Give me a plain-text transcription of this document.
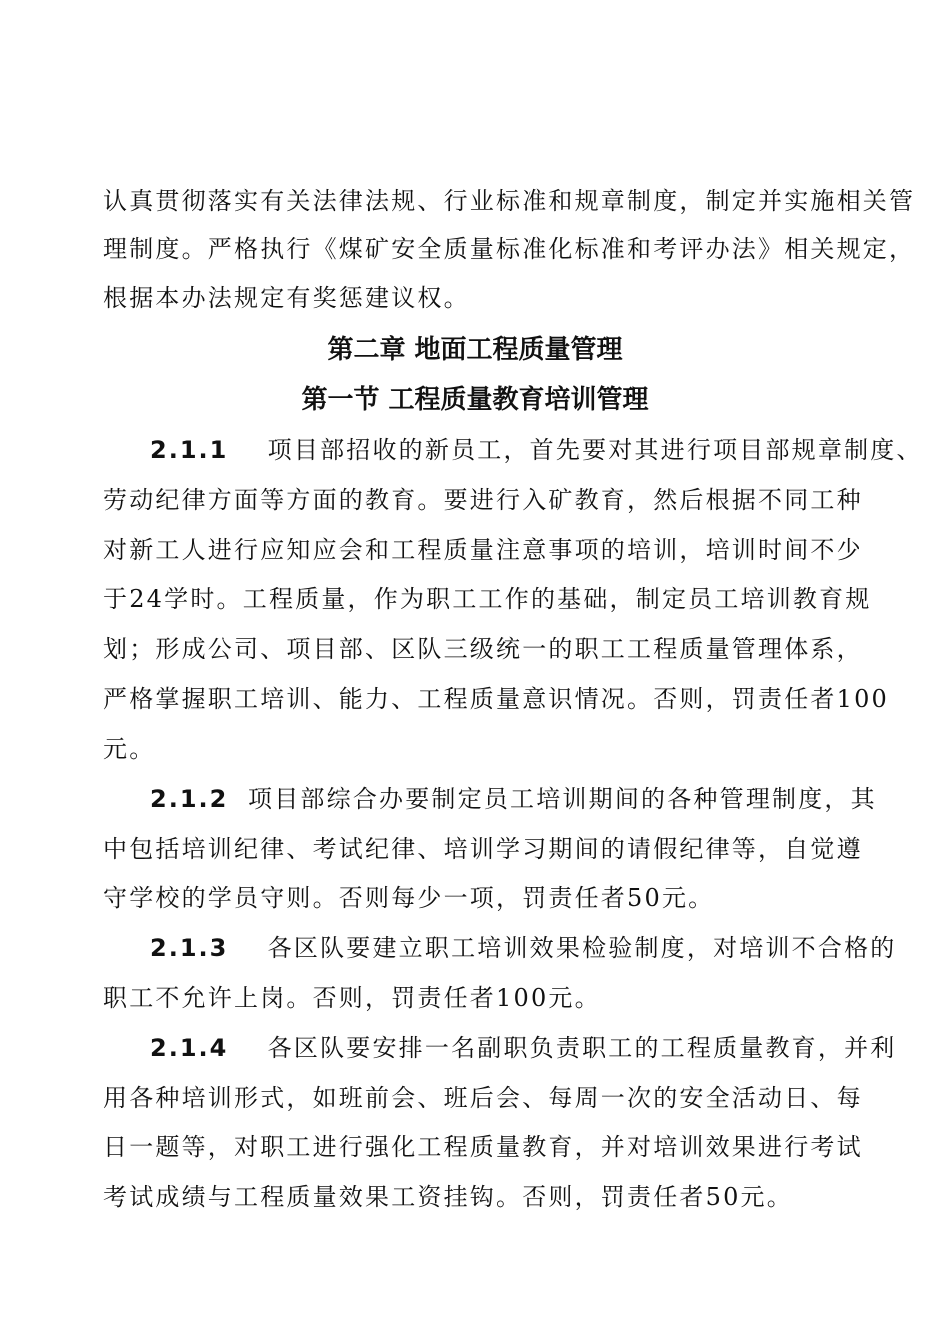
认真贯彻落实有关法律法规、行业标准和规章制度，制定并实施相关管
理制度。严格执行《煤矿安全质量标准化标准和考评办法》相关规定，
根据本办法规定有奖惩建议权。
第二章 地面工程质量管理
第一节 工程质量教育培训管理
2.1.1 项目部招收的新员工，首先要对其进行项目部规章制度、
劳动纪律方面等方面的教育。要进行入矿教育，然后根据不同工种
对新工人进行应知应会和工程质量注意事项的培训，培训时间不少
于24学时。工程质量，作为职工工作的基础，制定员工培训教育规
划；形成公司、项目部、区队三级统一的职工工程质量管理体系，
严格掌握职工培训、能力、工程质量意识情况。否则，罚责任者100
元。
2.1.2 项目部综合办要制定员工培训期间的各种管理制度，其
中包括培训纪律、考试纪律、培训学习期间的请假纪律等，自觉遵
守学校的学员守则。否则每少一项，罚责任者50元。
2.1.3 各区队要建立职工培训效果检验制度，对培训不合格的
职工不允许上岗。否则，罚责任者100元。
2.1.4 各区队要安排一名副职负责职工的工程质量教育，并利
用各种培训形式，如班前会、班后会、每周一次的安全活动日、每
日一题等，对职工进行强化工程质量教育，并对培训效果进行考试
考试成绩与工程质量效果工资挂钩。否则，罚责任者50元。
